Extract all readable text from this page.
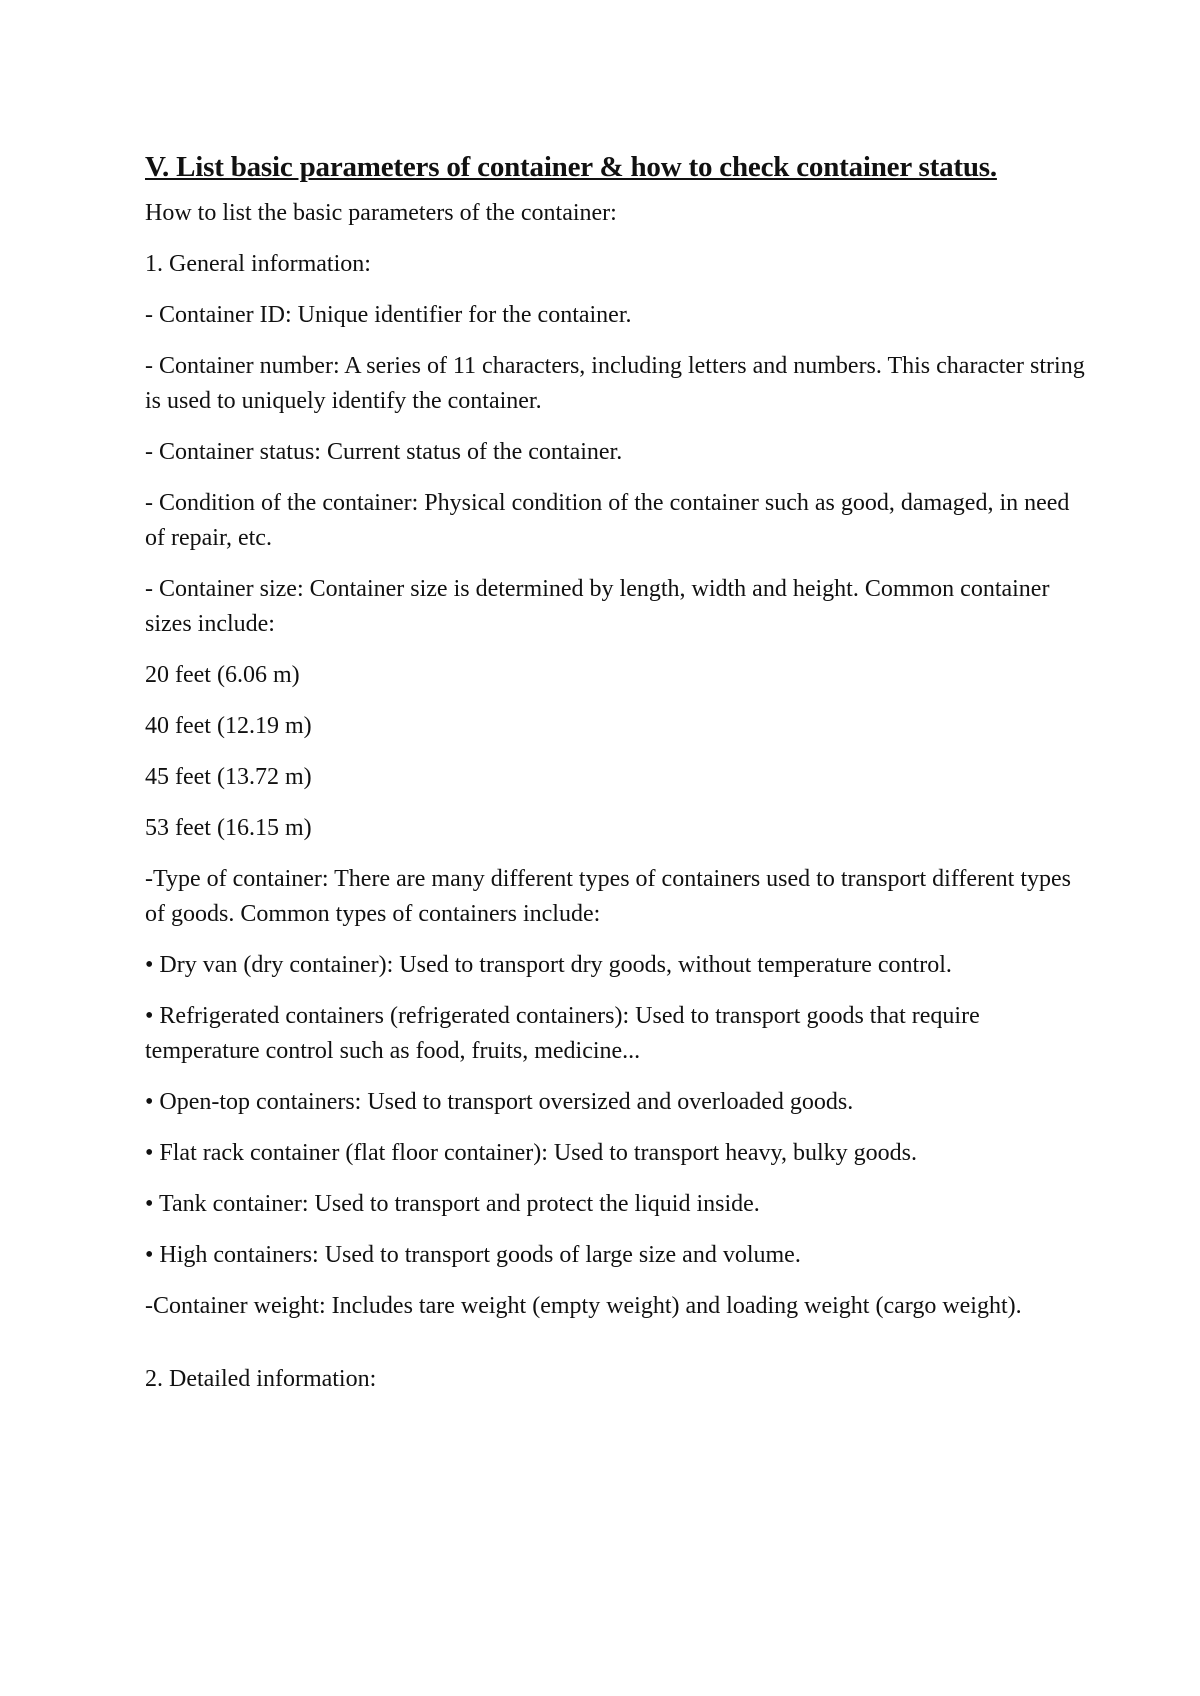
V. List basic parameters of container & how to check container status.

How to list the basic parameters of the container:

1. General information:

- Container ID: Unique identifier for the container.

- Container number: A series of 11 characters, including letters and numbers. This character string is used to uniquely identify the container.

- Container status: Current status of the container.

- Condition of the container: Physical condition of the container such as good, damaged, in need of repair, etc.

- Container size: Container size is determined by length, width and height. Common container sizes include:

20 feet (6.06 m)

40 feet (12.19 m)

45 feet (13.72 m)

53 feet (16.15 m)

-Type of container: There are many different types of containers used to transport different types of goods. Common types of containers include:

• Dry van (dry container): Used to transport dry goods, without temperature control.

• Refrigerated containers (refrigerated containers): Used to transport goods that require temperature control such as food, fruits, medicine...

• Open-top containers: Used to transport oversized and overloaded goods.

• Flat rack container (flat floor container): Used to transport heavy, bulky goods.

• Tank container: Used to transport and protect the liquid inside.

• High containers: Used to transport goods of large size and volume.

-Container weight: Includes tare weight (empty weight) and loading weight (cargo weight).

2. Detailed information:
